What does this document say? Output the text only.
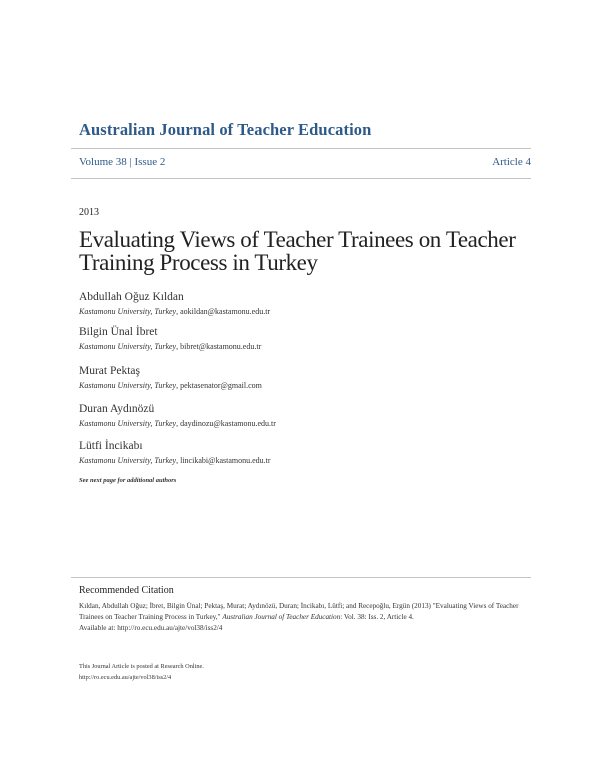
Australian Journal of Teacher Education
Volume 38 | Issue 2	Article 4
2013
Evaluating Views of Teacher Trainees on Teacher Training Process in Turkey
Abdullah Oğuz Kıldan
Kastamonu University, Turkey, aokildan@kastamonu.edu.tr
Bilgin Ünal İbret
Kastamonu University, Turkey, bibret@kastamonu.edu.tr
Murat Pektaş
Kastamonu University, Turkey, pektasenator@gmail.com
Duran Aydınözü
Kastamonu University, Turkey, daydinozu@kastamonu.edu.tr
Lütfi İncikabı
Kastamonu University, Turkey, lincikabi@kastamonu.edu.tr
See next page for additional authors
Recommended Citation
Kıldan, Abdullah Oğuz; İbret, Bilgin Ünal; Pektaş, Murat; Aydınözü, Duran; İncikabı, Lütfi; and Recepoğlu, Ergün (2013) "Evaluating Views of Teacher Trainees on Teacher Training Process in Turkey," Australian Journal of Teacher Education: Vol. 38: Iss. 2, Article 4.
Available at: http://ro.ecu.edu.au/ajte/vol38/iss2/4
This Journal Article is posted at Research Online.
http://ro.ecu.edu.au/ajte/vol38/iss2/4
